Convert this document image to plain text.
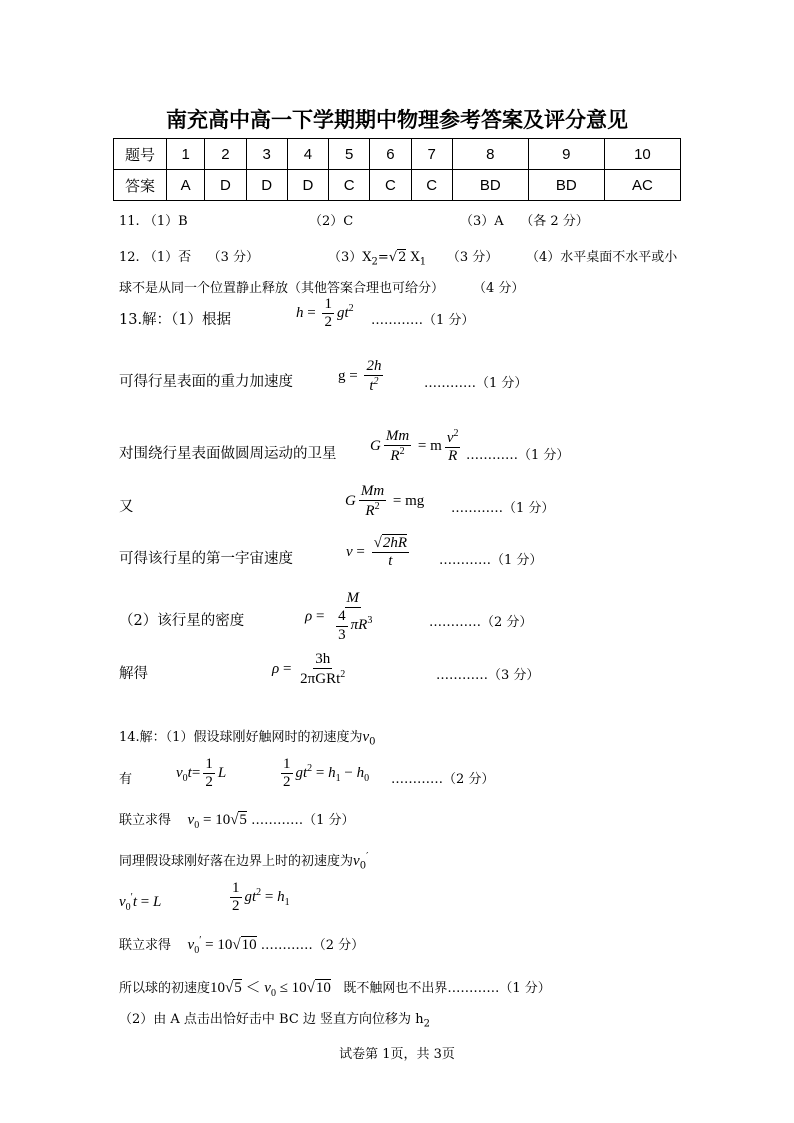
南充高中高一下学期期中物理参考答案及评分意见
题号	1	2	3	4	5	6	7	8	9	10
答案	A	D	D	D	C	C	C	BD	BD	AC
11. （1）B	（2）C	（3）A （各 2 分）
12. （1）否 （3 分）	$(3)X_2=√2$ $X_1$ （3 分） （4）水平桌面不水平或小
球不是从同一个位置静止释放（其他答案合理也可给分） （4 分）
13.解：（1）根据	$h = \frac{1}{2} gt^2$
…………（1 分）
可得行星表面的重力加速度	$g = \frac{2h}{t^2}$	…………（1 分）
对围绕行星表面做圆周运动的卫星 G $\frac{Mm}{R^2} = m \frac{v^2}{R}$ …………（1 分）
又	G $\frac{Mm}{R^2}$ = mg …………（1 分）
可得该行星的第一宇宙速度	$v = \frac{√2hR}{t}$ …………（1 分）
（2）该行星的密度	$\rho = \frac{M}{\frac{4}{3} \pi R^3}$	…………（2 分）
解得	$\rho = \frac{3h}{2\pi GRt^2}$	…………（3 分）
14.解：（1）假设球刚好触网时的初速度为$v_0$
有	$v_0t= \frac{1}{2}$ L	$\frac{1}{2} gt^2 = h_1 - h_0$ …………（2 分）
联立求得 $v_0 = 10√5$ …………（1 分）
同理假设球刚好落在边界上时的初速度为$v_0'$
$v_0't = L$	$\frac{1}{2} gt^2 = h_1$
联立求得 $v_0' = 10√10$ …………（2 分）
所以球的初速度$10√5 < v_0 \le 10√10$ 既不触网也不出界…………（1 分）
（2）由 A 点击出恰好击中 BC 边 竖直方向位移为 $h_2$
试卷第 1页，共 3页
